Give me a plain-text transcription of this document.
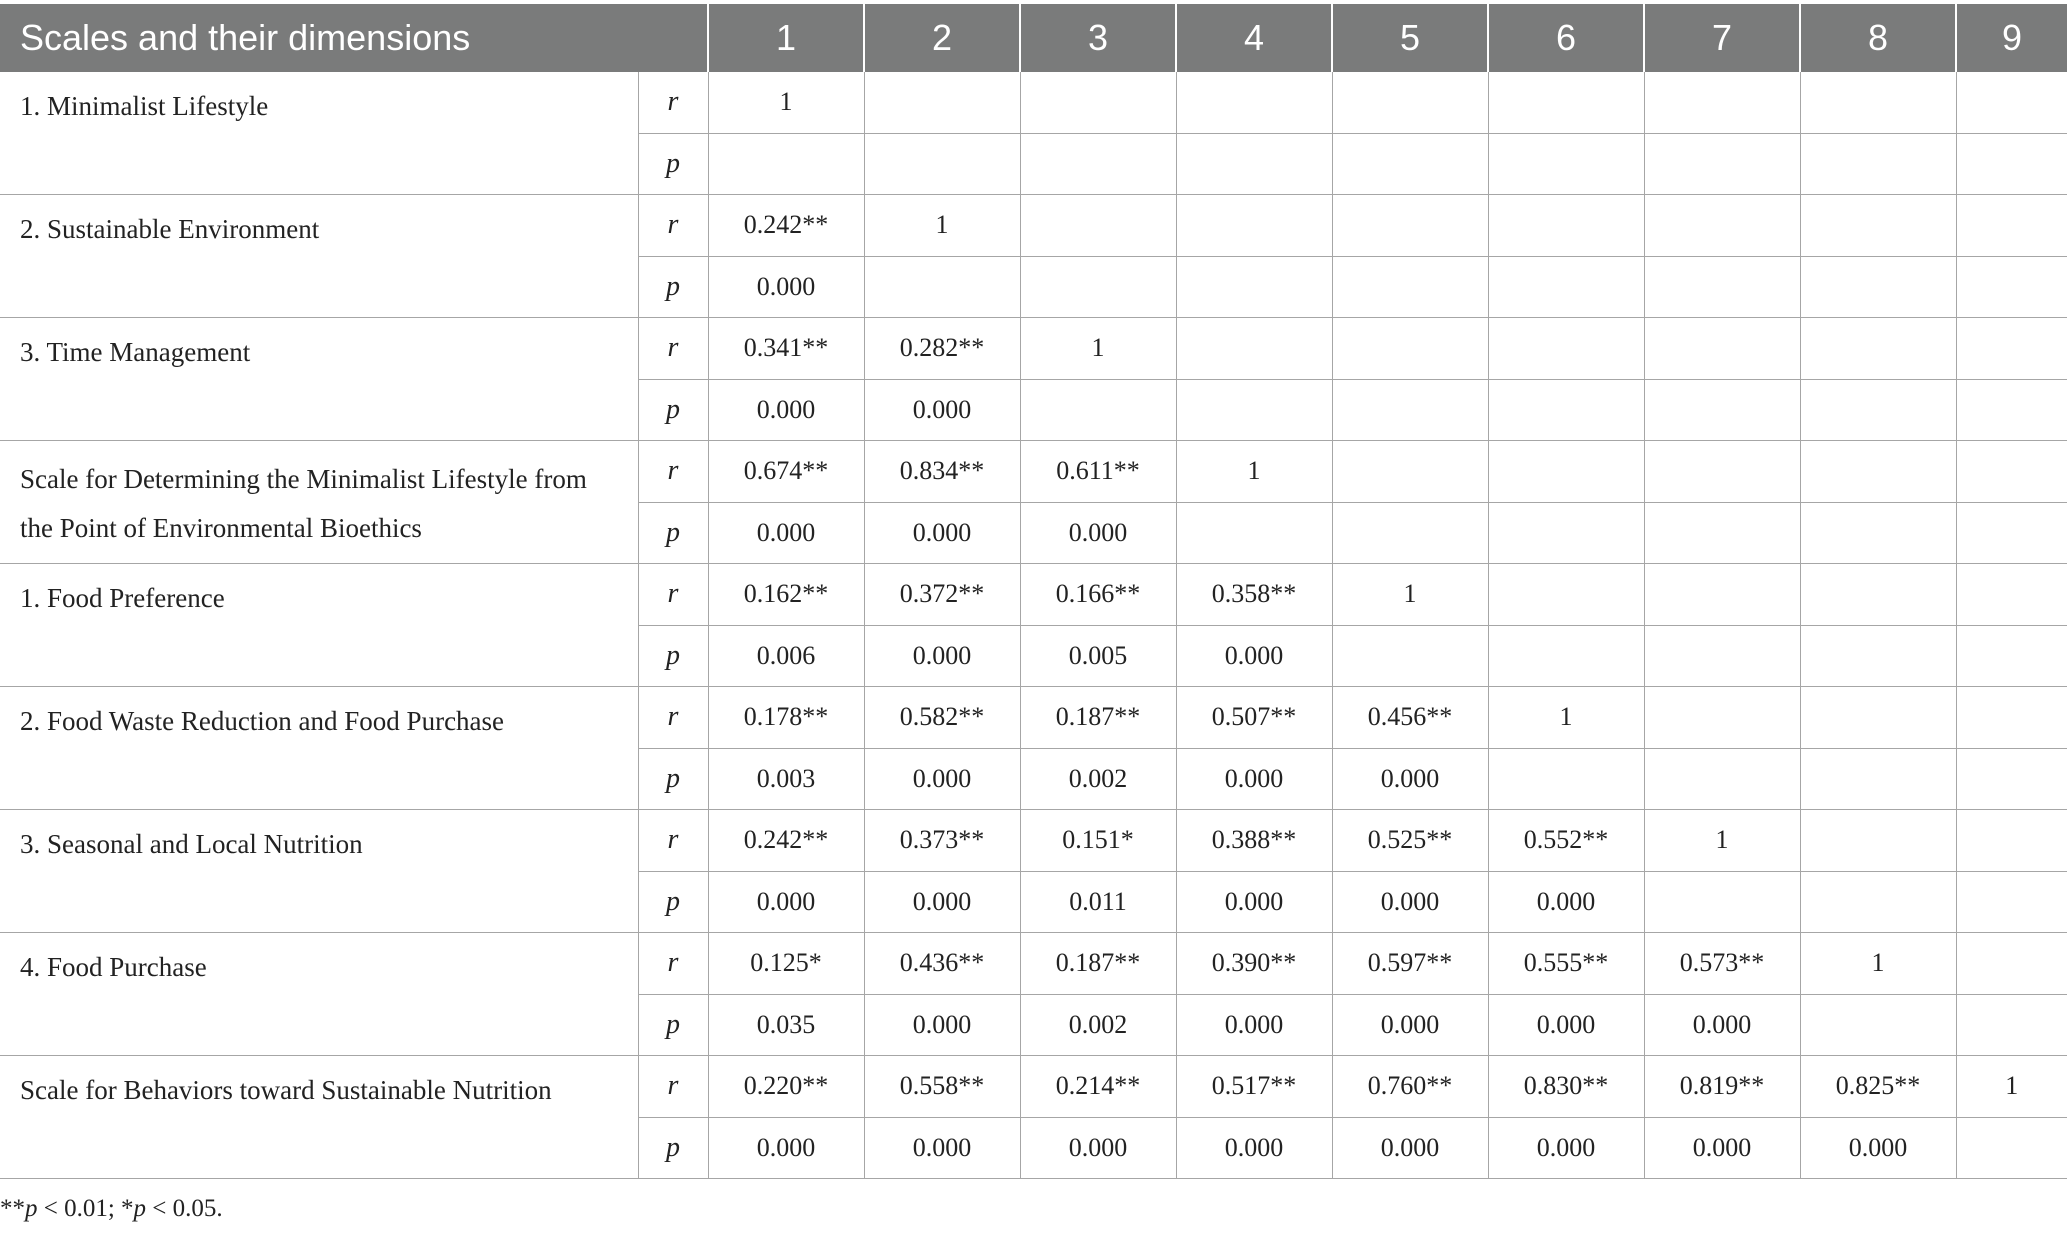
Scales and their dimensions		1	2	3	4	5	6	7	8	9
1. Minimalist Lifestyle	r	1								
	p									
2. Sustainable Environment	r	0.242**	1							
	p	0.000								
3. Time Management	r	0.341**	0.282**	1						
	p	0.000	0.000							
Scale for Determining the Minimalist Lifestyle from the Point of Environmental Bioethics	r	0.674**	0.834**	0.611**	1					
	p	0.000	0.000	0.000						
1. Food Preference	r	0.162**	0.372**	0.166**	0.358**	1				
	p	0.006	0.000	0.005	0.000					
2. Food Waste Reduction and Food Purchase	r	0.178**	0.582**	0.187**	0.507**	0.456**	1			
	p	0.003	0.000	0.002	0.000	0.000				
3. Seasonal and Local Nutrition	r	0.242**	0.373**	0.151*	0.388**	0.525**	0.552**	1		
	p	0.000	0.000	0.011	0.000	0.000	0.000			
4. Food Purchase	r	0.125*	0.436**	0.187**	0.390**	0.597**	0.555**	0.573**	1	
	p	0.035	0.000	0.002	0.000	0.000	0.000	0.000		
Scale for Behaviors toward Sustainable Nutrition	r	0.220**	0.558**	0.214**	0.517**	0.760**	0.830**	0.819**	0.825**	1
	p	0.000	0.000	0.000	0.000	0.000	0.000	0.000	0.000	
**p < 0.01; *p < 0.05.
